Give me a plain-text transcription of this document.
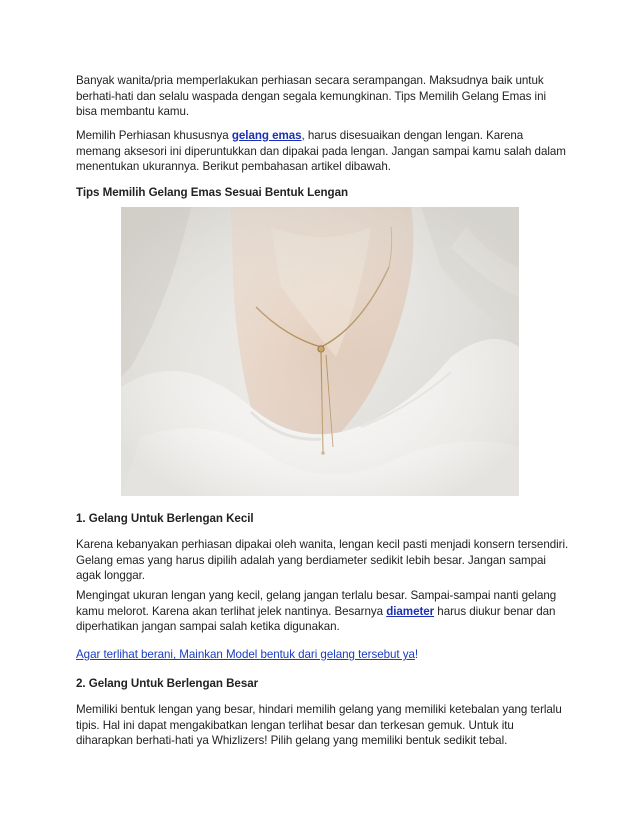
Banyak wanita/pria memperlakukan perhiasan secara serampangan. Maksudnya baik untuk berhati-hati dan selalu waspada dengan segala kemungkinan. Tips Memilih Gelang Emas ini bisa membantu kamu.

Memilih Perhiasan khususnya gelang emas, harus disesuaikan dengan lengan. Karena memang aksesori ini diperuntukkan dan dipakai pada lengan. Jangan sampai kamu salah dalam menentukan ukurannya. Berikut pembahasan artikel dibawah.

Tips Memilih Gelang Emas Sesuai Bentuk Lengan

1. Gelang Untuk Berlengan Kecil

Karena kebanyakan perhiasan dipakai oleh wanita, lengan kecil pasti menjadi konsern tersendiri. Gelang emas yang harus dipilih adalah yang berdiameter sedikit lebih besar. Jangan sampai agak longgar.

Mengingat ukuran lengan yang kecil, gelang jangan terlalu besar. Sampai-sampai nanti gelang kamu melorot. Karena akan terlihat jelek nantinya. Besarnya diameter harus diukur benar dan diperhatikan jangan sampai salah ketika digunakan.

Agar terlihat berani, Mainkan Model bentuk dari gelang tersebut ya!

2. Gelang Untuk Berlengan Besar

Memiliki bentuk lengan yang besar, hindari memilih gelang yang memiliki ketebalan yang terlalu tipis. Hal ini dapat mengakibatkan lengan terlihat besar dan terkesan gemuk. Untuk itu diharapkan berhati-hati ya Whizlizers! Pilih gelang yang memiliki bentuk sedikit tebal.
